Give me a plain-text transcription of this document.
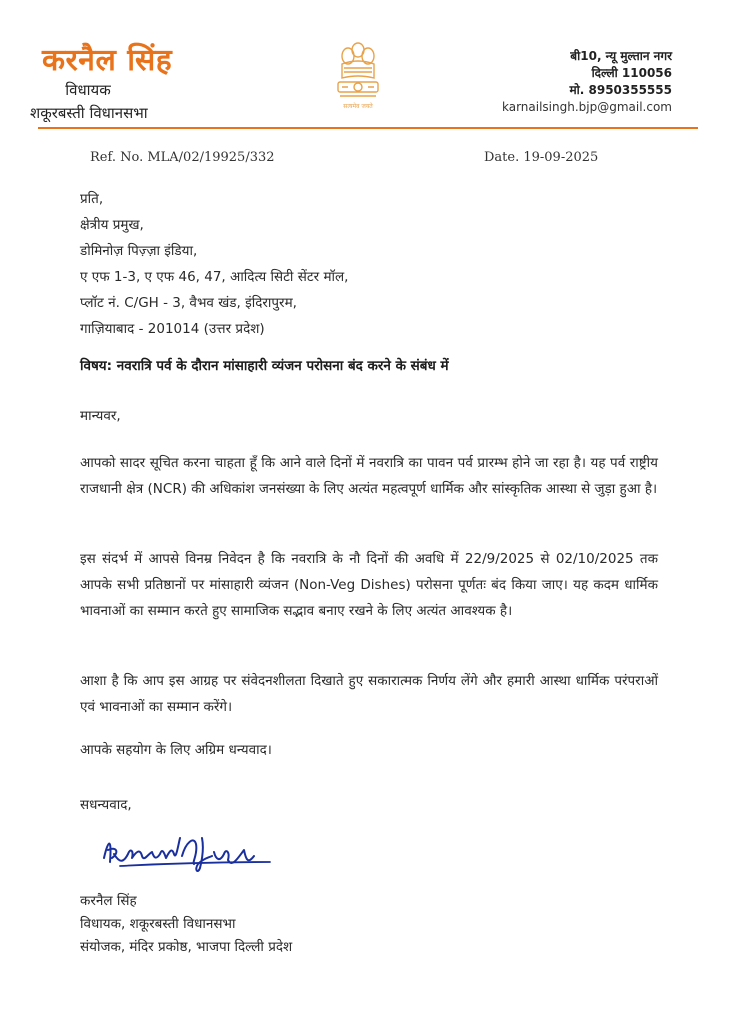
करनैल सिंह
विधायक
शकूरबस्ती विधानसभा	सत्यमेव जयते
बी10, न्यू मुल्तान नगर
दिल्ली 110056
मो. 8950355555
karnailsingh.bjp@gmail.com
Ref. No. MLA/02/19925/332	Date. 19-09-2025
प्रति,
क्षेत्रीय प्रमुख,
डोमिनोज़ पिज़्ज़ा इंडिया,
ए एफ 1-3, ए एफ 46, 47, आदित्य सिटी सेंटर मॉल,
प्लॉट नं. C/GH - 3, वैभव खंड, इंदिरापुरम,
गाज़ियाबाद - 201014 (उत्तर प्रदेश)
विषय: नवरात्रि पर्व के दौरान मांसाहारी व्यंजन परोसना बंद करने के संबंध में
मान्यवर,
आपको सादर सूचित करना चाहता हूँ कि आने वाले दिनों में नवरात्रि का पावन पर्व प्रारम्भ होने जा रहा है। यह पर्व राष्ट्रीय राजधानी क्षेत्र (NCR) की अधिकांश जनसंख्या के लिए अत्यंत महत्वपूर्ण धार्मिक और सांस्कृतिक आस्था से जुड़ा हुआ है।
इस संदर्भ में आपसे विनम्र निवेदन है कि नवरात्रि के नौ दिनों की अवधि में 22/9/2025 से 02/10/2025 तक आपके सभी प्रतिष्ठानों पर मांसाहारी व्यंजन (Non-Veg Dishes) परोसना पूर्णतः बंद किया जाए। यह कदम धार्मिक भावनाओं का सम्मान करते हुए सामाजिक सद्भाव बनाए रखने के लिए अत्यंत आवश्यक है।
आशा है कि आप इस आग्रह पर संवेदनशीलता दिखाते हुए सकारात्मक निर्णय लेंगे और हमारी आस्था धार्मिक परंपराओं एवं भावनाओं का सम्मान करेंगे।
आपके सहयोग के लिए अग्रिम धन्यवाद।
सधन्यवाद,
करनैल सिंह
विधायक, शकूरबस्ती विधानसभा
संयोजक, मंदिर प्रकोष्ठ, भाजपा दिल्ली प्रदेश
